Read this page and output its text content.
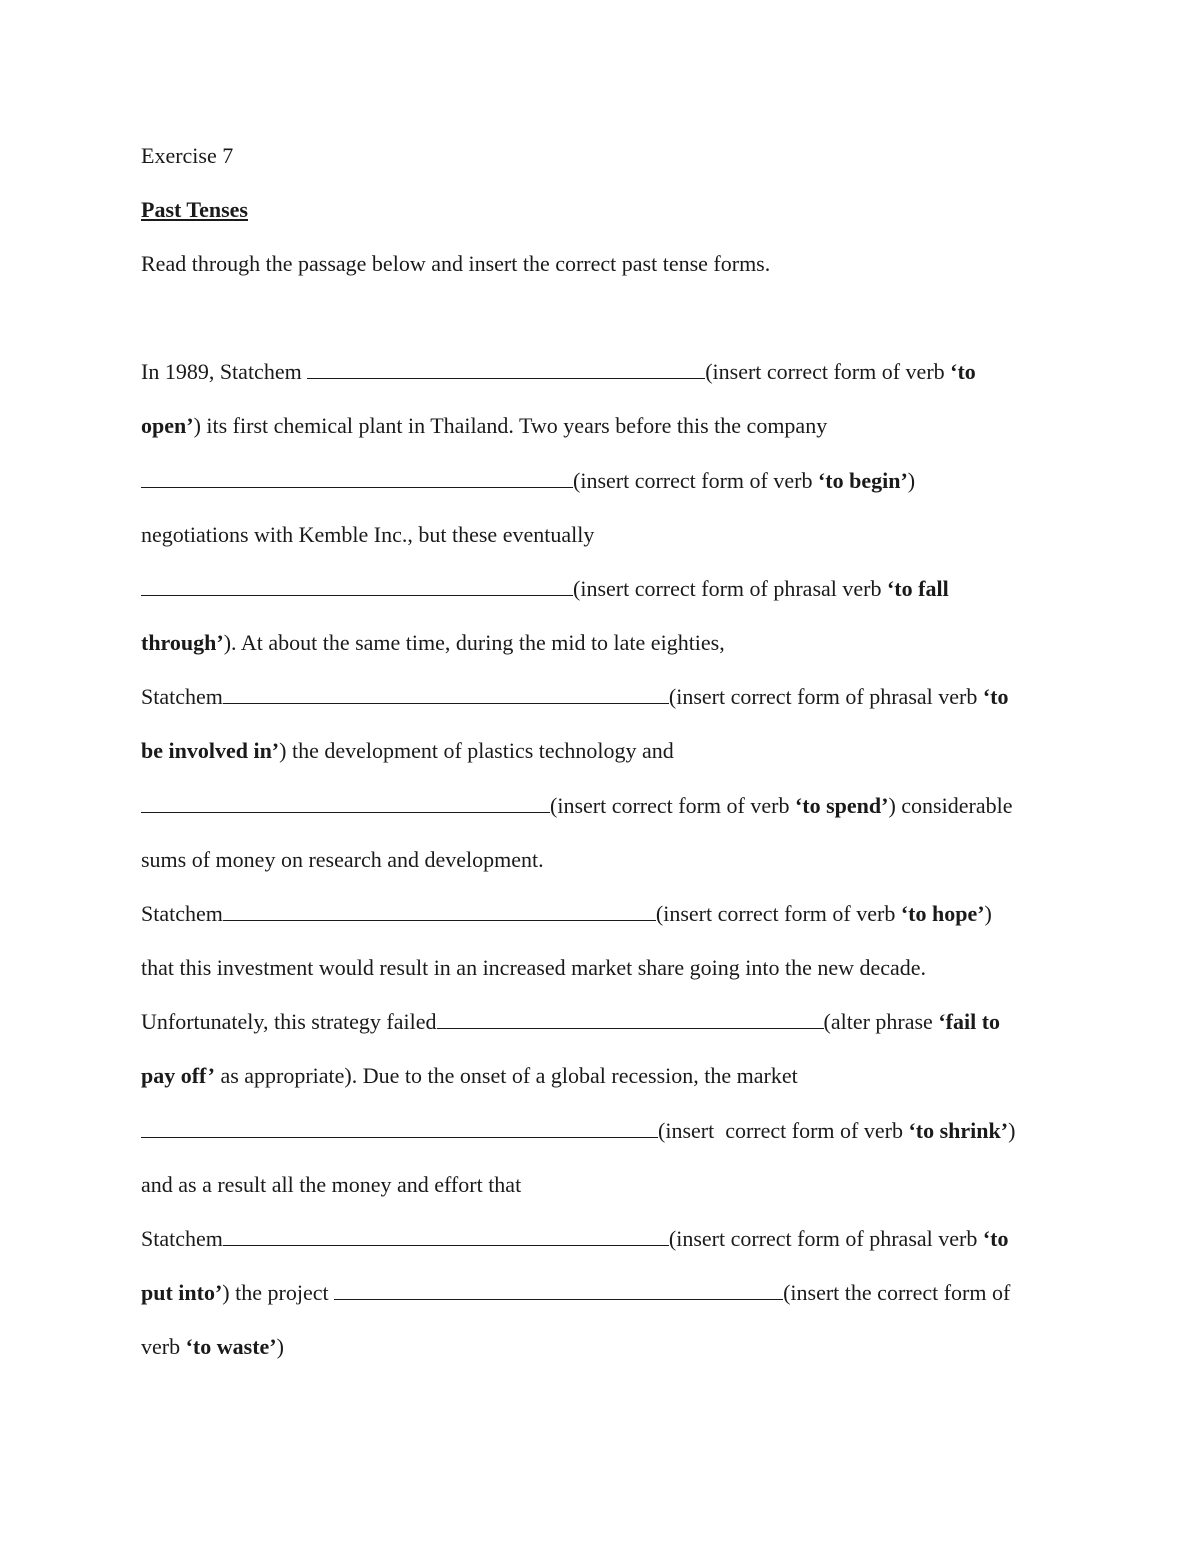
Exercise 7
Past Tenses
Read through the passage below and insert the correct past tense forms.
In 1989, Statchem	(insert correct form of verb ‘to
open’) its first chemical plant in Thailand. Two years before this the company
(insert correct form of verb ‘to begin’)
negotiations with Kemble Inc., but these eventually
(insert correct form of phrasal verb ‘to fall
through’). At about the same time, during the mid to late eighties,
Statchem	(insert correct form of phrasal verb ‘to
be involved in’) the development of plastics technology and
(insert correct form of verb ‘to spend’) considerable
sums of money on research and development.
Statchem	(insert correct form of verb ‘to hope’)
that this investment would result in an increased market share going into the new decade.
Unfortunately, this strategy failed	(alter phrase ‘fail to
pay off’ as appropriate). Due to the onset of a global recession, the market
(insert  correct form of verb ‘to shrink’)
and as a result all the money and effort that
Statchem	(insert correct form of phrasal verb ‘to
put into’) the project	(insert the correct form of
verb ‘to waste’)
